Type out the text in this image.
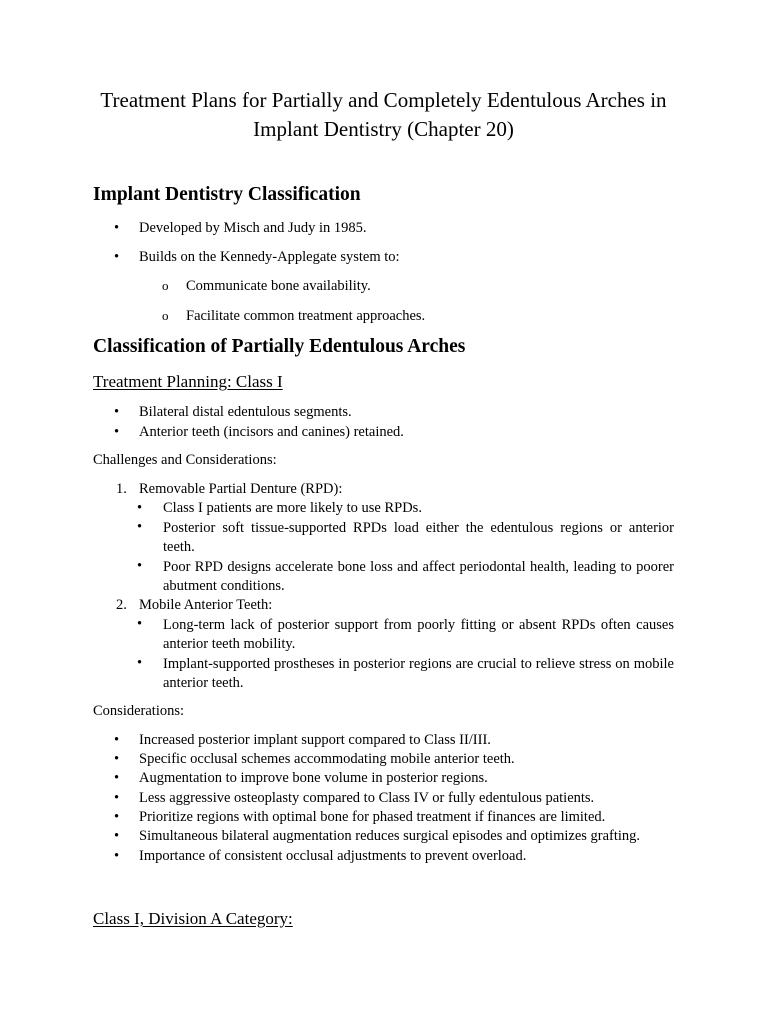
Treatment Plans for Partially and Completely Edentulous Arches in Implant Dentistry (Chapter 20)
Implant Dentistry Classification
• Developed by Misch and Judy in 1985.
• Builds on the Kennedy-Applegate system to:
o Communicate bone availability.
o Facilitate common treatment approaches.
Classification of Partially Edentulous Arches
Treatment Planning: Class I
• Bilateral distal edentulous segments.
• Anterior teeth (incisors and canines) retained.
Challenges and Considerations:
1. Removable Partial Denture (RPD):
• Class I patients are more likely to use RPDs.
• Posterior soft tissue-supported RPDs load either the edentulous regions or anterior teeth.
• Poor RPD designs accelerate bone loss and affect periodontal health, leading to poorer abutment conditions.
2. Mobile Anterior Teeth:
• Long-term lack of posterior support from poorly fitting or absent RPDs often causes anterior teeth mobility.
• Implant-supported prostheses in posterior regions are crucial to relieve stress on mobile anterior teeth.
Considerations:
• Increased posterior implant support compared to Class II/III.
• Specific occlusal schemes accommodating mobile anterior teeth.
• Augmentation to improve bone volume in posterior regions.
• Less aggressive osteoplasty compared to Class IV or fully edentulous patients.
• Prioritize regions with optimal bone for phased treatment if finances are limited.
• Simultaneous bilateral augmentation reduces surgical episodes and optimizes grafting.
• Importance of consistent occlusal adjustments to prevent overload.
Class I, Division A Category:
